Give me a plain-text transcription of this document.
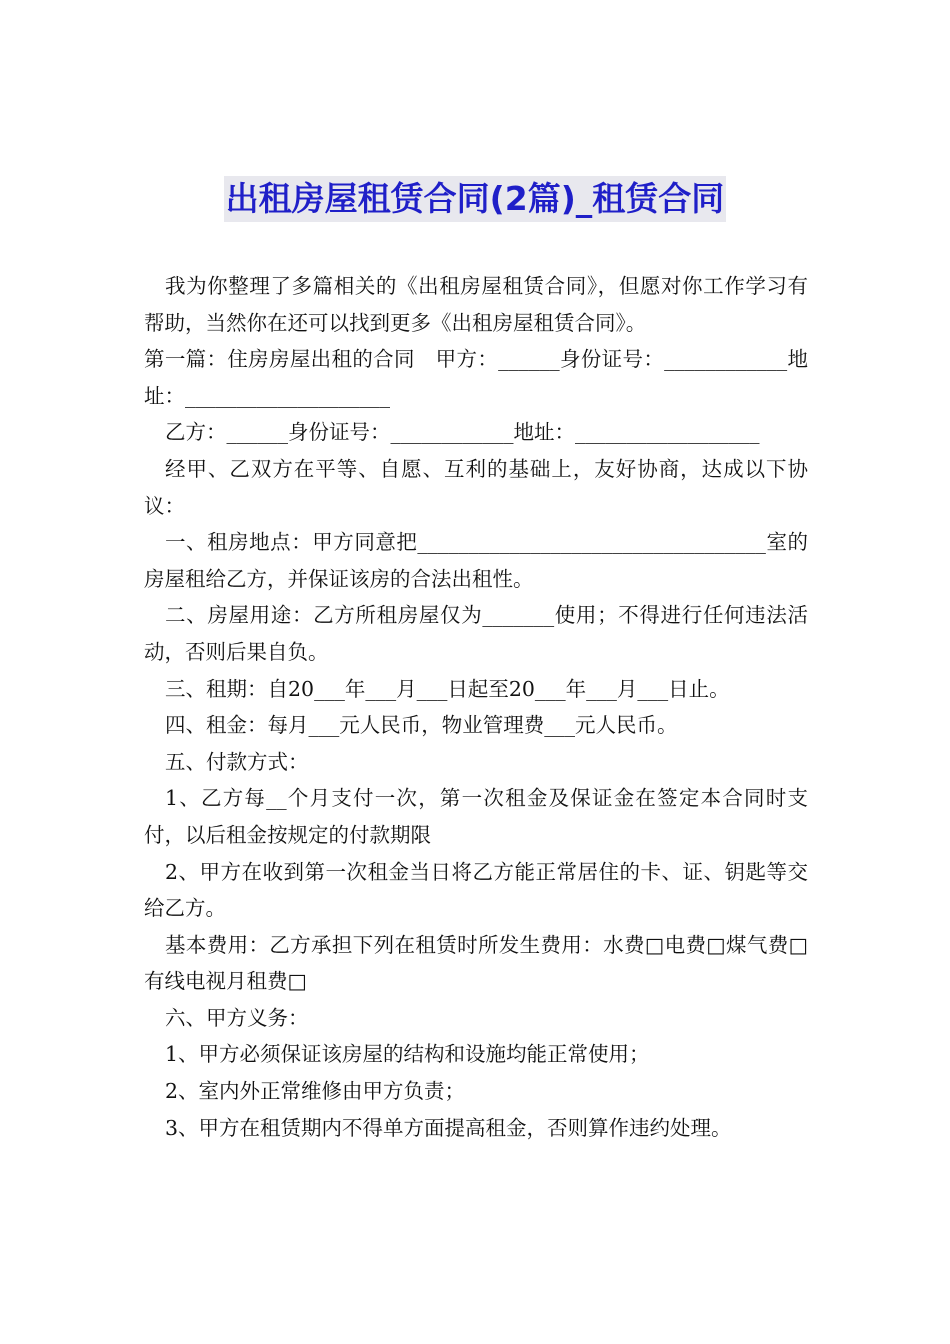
出租房屋租赁合同(2篇)_租赁合同

我为你整理了多篇相关的《出租房屋租赁合同》，但愿对你工作学习有帮助，当然你在还可以找到更多《出租房屋租赁合同》。

第一篇：住房房屋出租的合同　甲方：______身份证号：____________地址：____________________

乙方：______身份证号：____________地址：__________________

经甲、乙双方在平等、自愿、互利的基础上，友好协商，达成以下协议：

一、租房地点：甲方同意把__________________________________室的房屋租给乙方，并保证该房的合法出租性。

二、房屋用途：乙方所租房屋仅为_______使用；不得进行任何违法活动，否则后果自负。

三、租期：自20___年___月___日起至20___年___月___日止。

四、租金：每月___元人民币，物业管理费___元人民币。

五、付款方式：

1、乙方每__个月支付一次，第一次租金及保证金在签定本合同时支付，以后租金按规定的付款期限

2、甲方在收到第一次租金当日将乙方能正常居住的卡、证、钥匙等交给乙方。

基本费用：乙方承担下列在租赁时所发生费用：水费□电费□煤气费□有线电视月租费□

六、甲方义务：

1、甲方必须保证该房屋的结构和设施均能正常使用；

2、室内外正常维修由甲方负责；

3、甲方在租赁期内不得单方面提高租金，否则算作违约处理。
